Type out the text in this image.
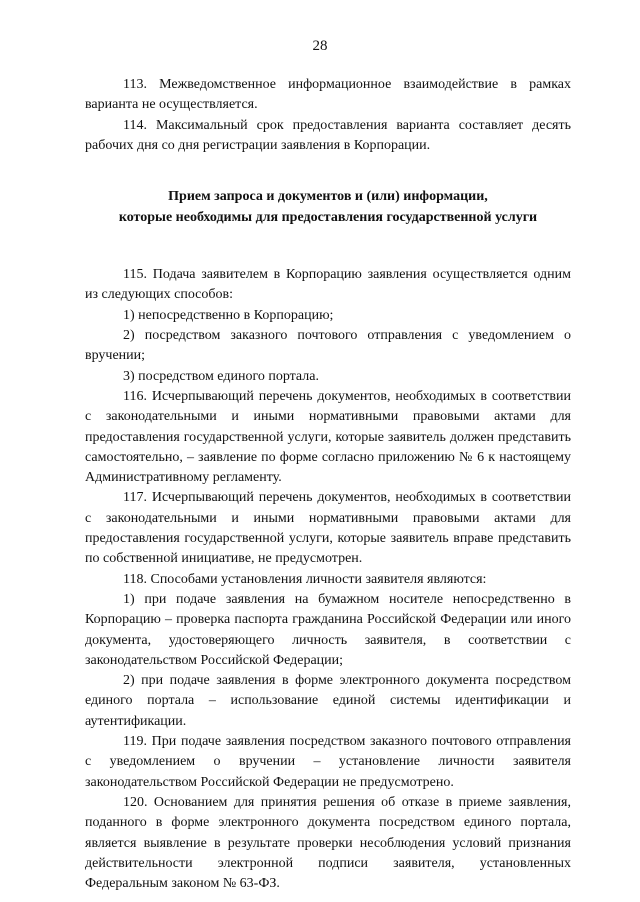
28

113. Межведомственное информационное взаимодействие в рамках варианта не осуществляется.

114. Максимальный срок предоставления варианта составляет десять рабочих дня со дня регистрации заявления в Корпорации.

Прием запроса и документов и (или) информации,
которые необходимы для предоставления государственной услуги

115. Подача заявителем в Корпорацию заявления осуществляется одним из следующих способов:

1) непосредственно в Корпорацию;

2) посредством заказного почтового отправления с уведомлением о вручении;

3) посредством единого портала.

116. Исчерпывающий перечень документов, необходимых в соответствии с законодательными и иными нормативными правовыми актами для предоставления государственной услуги, которые заявитель должен представить самостоятельно, – заявление по форме согласно приложению № 6 к настоящему Административному регламенту.

117. Исчерпывающий перечень документов, необходимых в соответствии с законодательными и иными нормативными правовыми актами для предоставления государственной услуги, которые заявитель вправе представить по собственной инициативе, не предусмотрен.

118. Способами установления личности заявителя являются:

1) при подаче заявления на бумажном носителе непосредственно в Корпорацию – проверка паспорта гражданина Российской Федерации или иного документа, удостоверяющего личность заявителя, в соответствии с законодательством Российской Федерации;

2) при подаче заявления в форме электронного документа посредством единого портала – использование единой системы идентификации и аутентификации.

119. При подаче заявления посредством заказного почтового отправления с уведомлением о вручении – установление личности заявителя законодательством Российской Федерации не предусмотрено.

120. Основанием для принятия решения об отказе в приеме заявления, поданного в форме электронного документа посредством единого портала, является выявление в результате проверки несоблюдения условий признания действительности электронной подписи заявителя, установленных Федеральным законом № 63-ФЗ.
